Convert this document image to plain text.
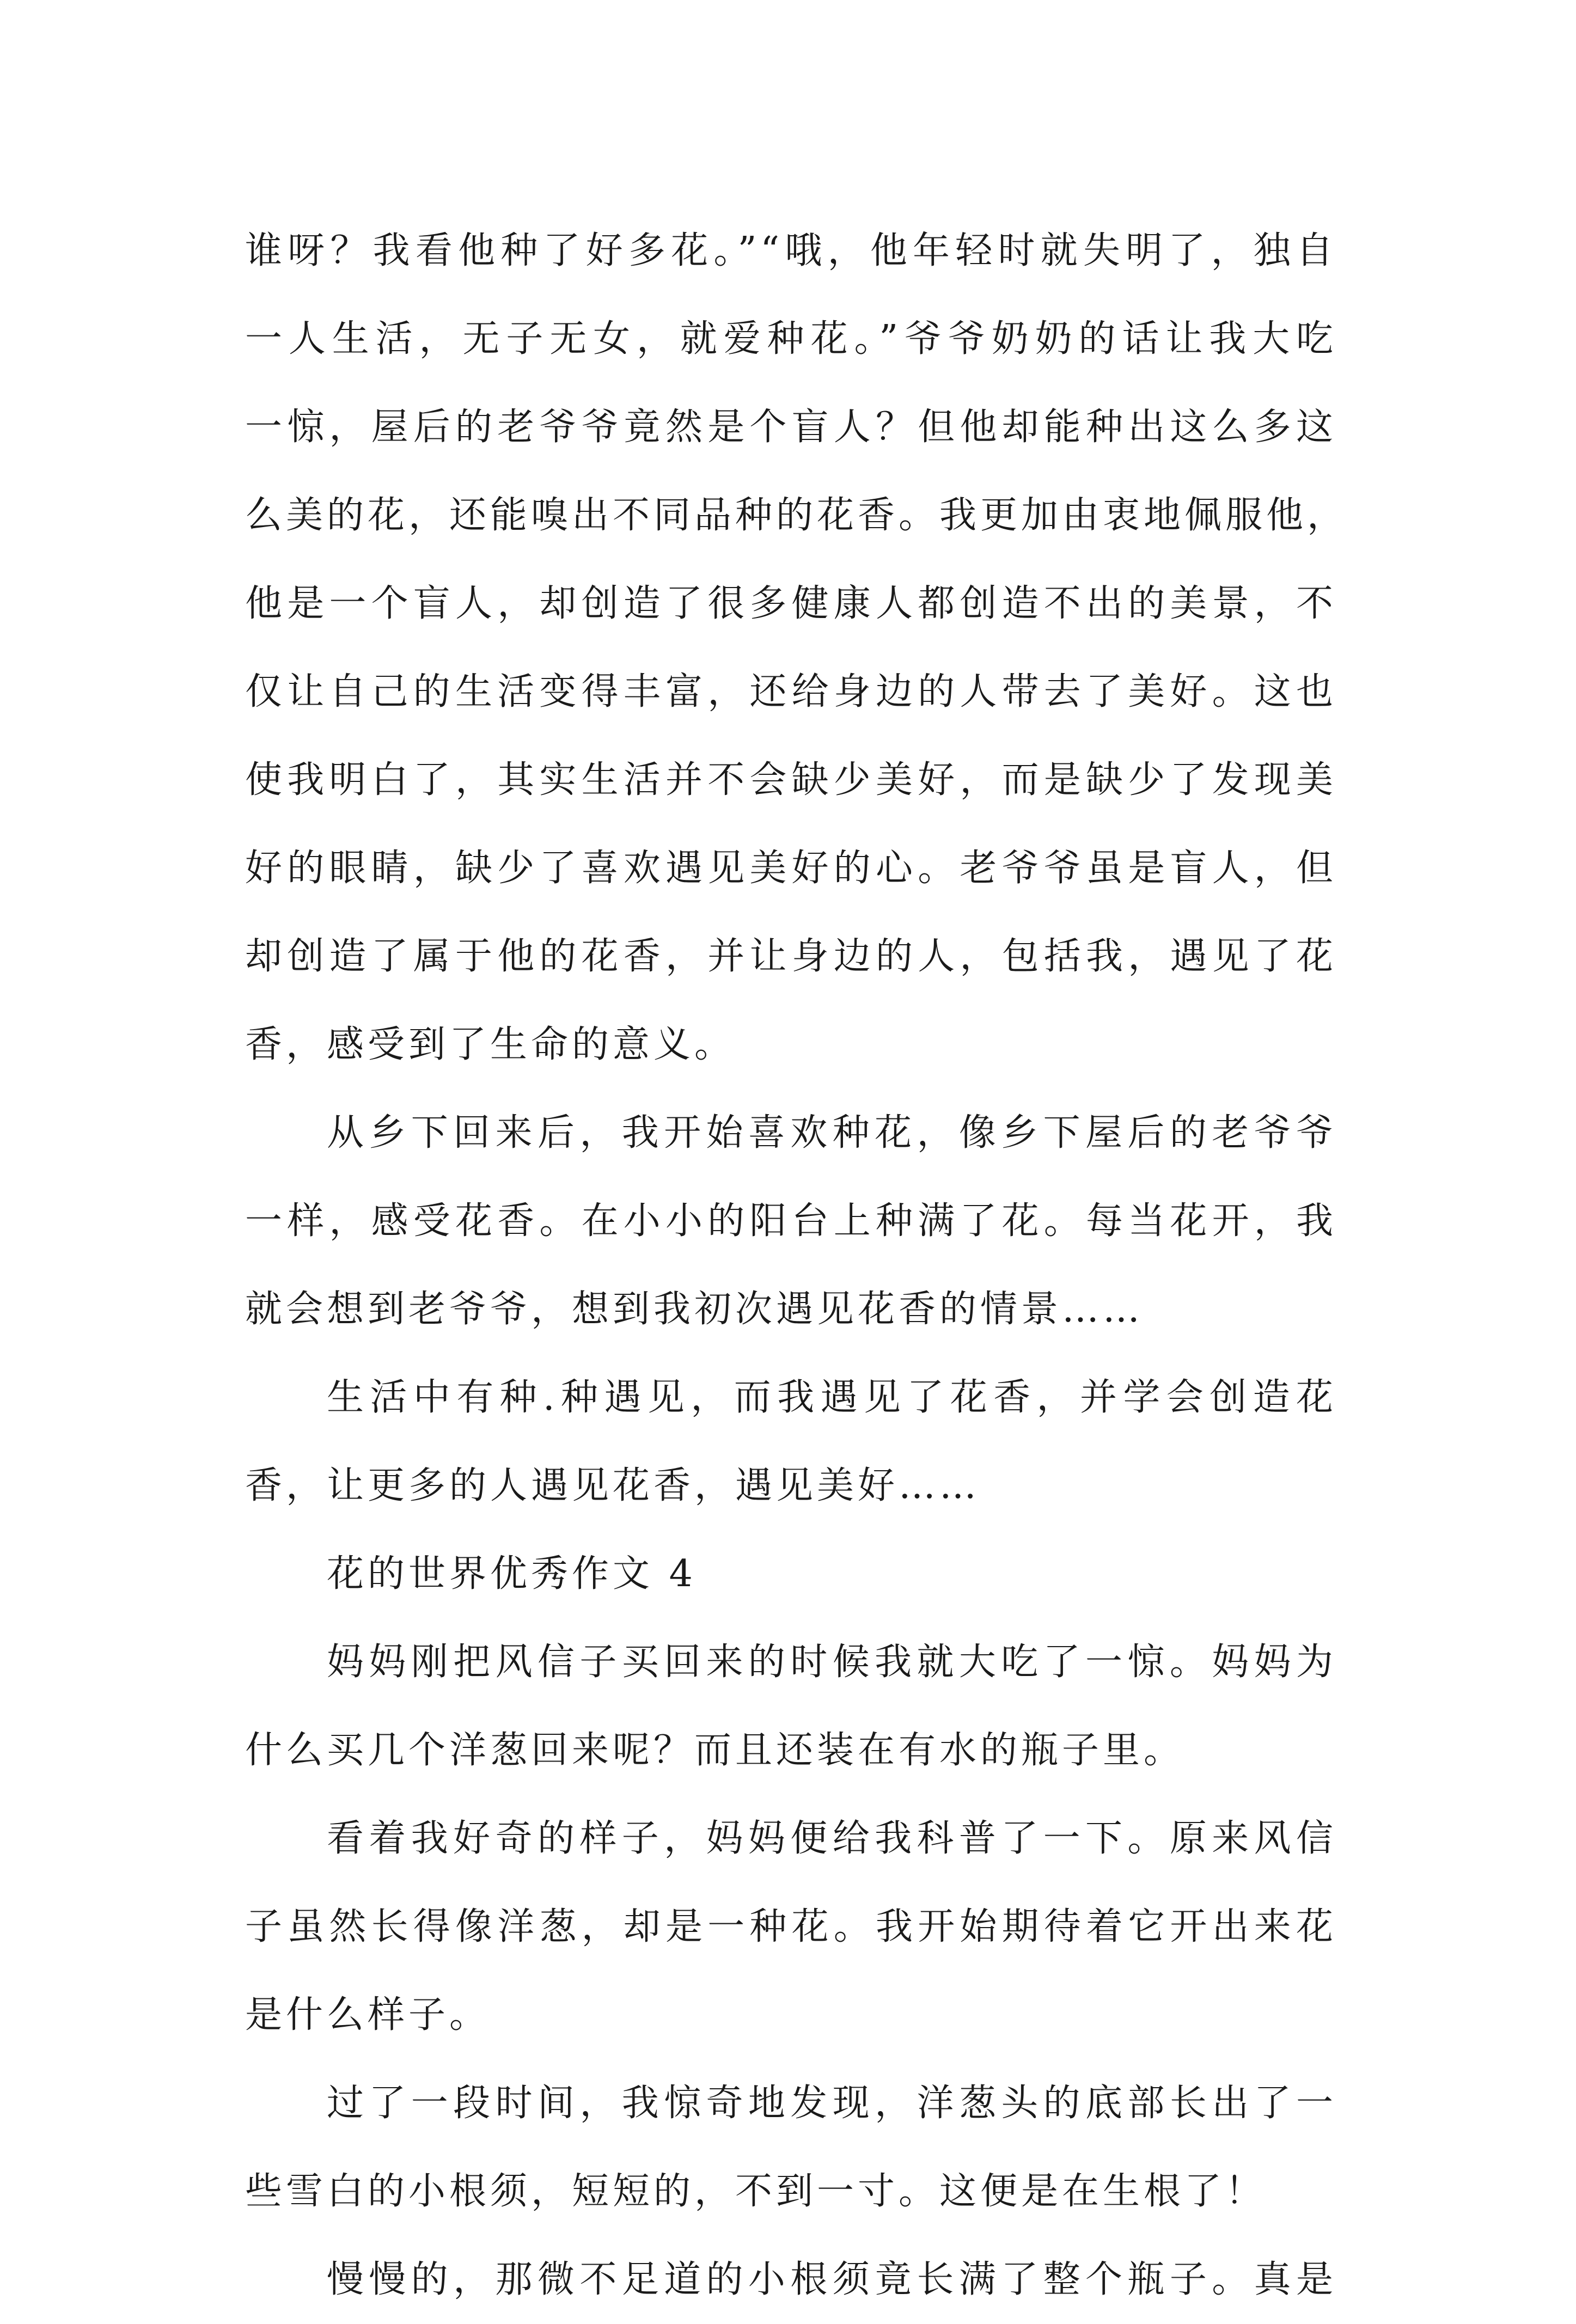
谁呀？我看他种了好多花。”“哦，他年轻时就失明了，独自
一人生活，无子无女，就爱种花。”爷爷奶奶的话让我大吃
一惊，屋后的老爷爷竟然是个盲人？但他却能种出这么多这
么美的花，还能嗅出不同品种的花香。我更加由衷地佩服他，
他是一个盲人，却创造了很多健康人都创造不出的美景，不
仅让自己的生活变得丰富，还给身边的人带去了美好。这也
使我明白了，其实生活并不会缺少美好，而是缺少了发现美
好的眼睛，缺少了喜欢遇见美好的心。老爷爷虽是盲人，但
却创造了属于他的花香，并让身边的人，包括我，遇见了花
香，感受到了生命的意义。
从乡下回来后，我开始喜欢种花，像乡下屋后的老爷爷
一样，感受花香。在小小的阳台上种满了花。每当花开，我
就会想到老爷爷，想到我初次遇见花香的情景……
生活中有种.种遇见，而我遇见了花香，并学会创造花
香，让更多的人遇见花香，遇见美好……
花的世界优秀作文 4
妈妈刚把风信子买回来的时候我就大吃了一惊。妈妈为
什么买几个洋葱回来呢？而且还装在有水的瓶子里。
看着我好奇的样子，妈妈便给我科普了一下。原来风信
子虽然长得像洋葱，却是一种花。我开始期待着它开出来花
是什么样子。
过了一段时间，我惊奇地发现，洋葱头的底部长出了一
些雪白的小根须，短短的，不到一寸。这便是在生根了！
慢慢的，那微不足道的小根须竟长满了整个瓶子。真是
